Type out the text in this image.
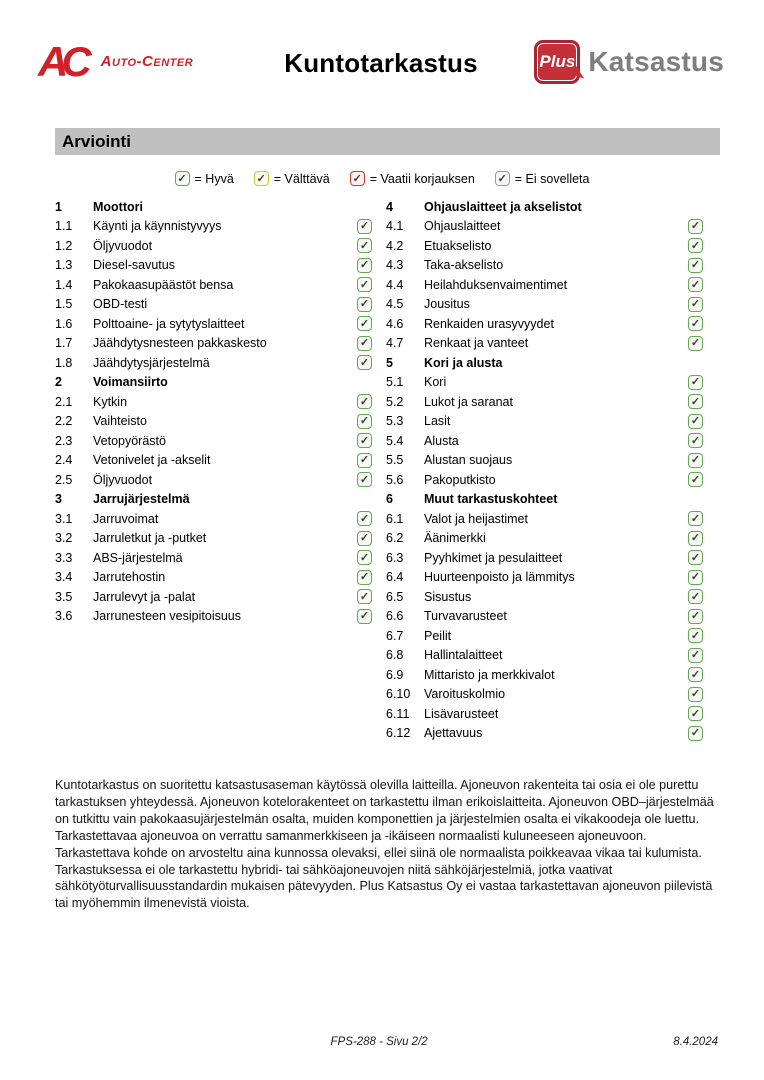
AC	Auto-Center	Kuntotarkastus	Plus Katsastus
Arviointi
✓ = Hyvä ✓ = Välttävä ✓ = Vaatii korjauksen ✓ = Ei sovelleta
1	Moottori
1.1	Käynti ja käynnistyvyys	✓
1.2	Öljyvuodot	✓
1.3	Diesel-savutus	✓
1.4	Pakokaasupäästöt bensa	✓
1.5	OBD-testi	✓
1.6	Polttoaine- ja sytytyslaitteet	✓
1.7	Jäähdytysnesteen pakkaskesto	✓
1.8	Jäähdytysjärjestelmä	✓
2	Voimansiirto
2.1	Kytkin	✓
2.2	Vaihteisto	✓
2.3	Vetopyörästö	✓
2.4	Vetonivelet ja -akselit	✓
2.5	Öljyvuodot	✓
3	Jarrujärjestelmä
3.1	Jarruvoimat	✓
3.2	Jarruletkut ja -putket	✓
3.3	ABS-järjestelmä	✓
3.4	Jarrutehostin	✓
3.5	Jarrulevyt ja -palat	✓
3.6	Jarrunesteen vesipitoisuus	✓
4	Ohjauslaitteet ja akselistot
4.1	Ohjauslaitteet	✓
4.2	Etuakselisto	✓
4.3	Taka-akselisto	✓
4.4	Heilahduksenvaimentimet	✓
4.5	Jousitus	✓
4.6	Renkaiden urasyvyydet	✓
4.7	Renkaat ja vanteet	✓
5	Kori ja alusta
5.1	Kori	✓
5.2	Lukot ja saranat	✓
5.3	Lasit	✓
5.4	Alusta	✓
5.5	Alustan suojaus	✓
5.6	Pakoputkisto	✓
6	Muut tarkastuskohteet
6.1	Valot ja heijastimet	✓
6.2	Äänimerkki	✓
6.3	Pyyhkimet ja pesulaitteet	✓
6.4	Huurteenpoisto ja lämmitys	✓
6.5	Sisustus	✓
6.6	Turvavarusteet	✓
6.7	Peilit	✓
6.8	Hallintalaitteet	✓
6.9	Mittaristo ja merkkivalot	✓
6.10	Varoituskolmio	✓
6.11	Lisävarusteet	✓
6.12	Ajettavuus	✓

Kuntotarkastus on suoritettu katsastusaseman käytössä olevilla laitteilla. Ajoneuvon rakenteita tai osia ei ole purettu tarkastuksen yhteydessä. Ajoneuvon kotelorakenteet on tarkastettu ilman erikoislaitteita. Ajoneuvon OBD–järjestelmää on tutkittu vain pakokaasujärjestelmän osalta, muiden komponettien ja järjestelmien osalta ei vikakoodeja ole luettu. Tarkastettavaa ajoneuvoa on verrattu samanmerkkiseen ja -ikäiseen normaalisti kuluneeseen ajoneuvoon. Tarkastettava kohde on arvosteltu aina kunnossa olevaksi, ellei siinä ole normaalista poikkeavaa vikaa tai kulumista. Tarkastuksessa ei ole tarkastettu hybridi- tai sähköajoneuvojen niitä sähköjärjestelmiä, jotka vaativat sähkötyöturvallisuusstandardin mukaisen pätevyyden. Plus Katsastus Oy ei vastaa tarkastettavan ajoneuvon piilevistä tai myöhemmin ilmenevistä vioista.

FPS-288 - Sivu 2/2	8.4.2024
